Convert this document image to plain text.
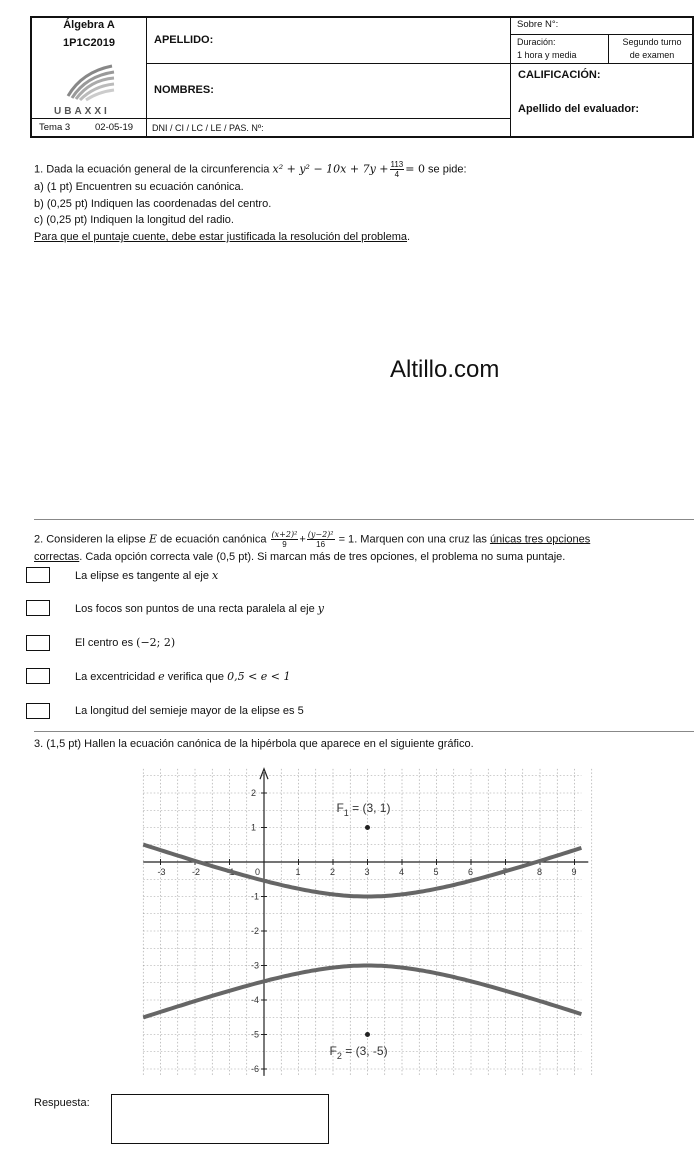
Álgebra A
1P1C2019
UBAXXI
Tema 3	02-05-19
APELLIDO:
NOMBRES:
DNI / CI / LC / LE / PAS. Nº:
Sobre N°:
Duración:
1 hora y media
Segundo turno
de examen
CALIFICACIÓN:
Apellido del evaluador:
1. Dada la ecuación general de la circunferencia $x^2 + y^2 - 10x + 7y + \frac{113}{4} = 0$ se pide:
a) (1 pt) Encuentren su ecuación canónica.
b) (0,25 pt) Indiquen las coordenadas del centro.
c) (0,25 pt) Indiquen la longitud del radio.
Para que el puntaje cuente, debe estar justificada la resolución del problema.
Altillo.com
2. Consideren la elipse E de ecuación canónica $\frac{\text{(x+2)²}}{9} + \frac{\text{(y−2)²}}{16} = 1$. Marquen con una cruz las únicas tres opciones
correctas. Cada opción correcta vale (0,5 pt). Si marcan más de tres opciones, el problema no suma puntaje.
La elipse es tangente al eje x
Los focos son puntos de una recta paralela al eje y
El centro es (−2; 2)
La excentricidad e verifica que 0,5 < e < 1
La longitud del semieje mayor de la elipse es 5
3. (1,5 pt) Hallen la ecuación canónica de la hipérbola que aparece en el siguiente gráfico.
-3	-2	-1 0	1	2	3	4	5	6	7	8	9
2
1
-1
-2
-3
-4
-5
-6
$F_1 = (3$, 1)
$F_2 = (3$, -5)
Respuesta:
